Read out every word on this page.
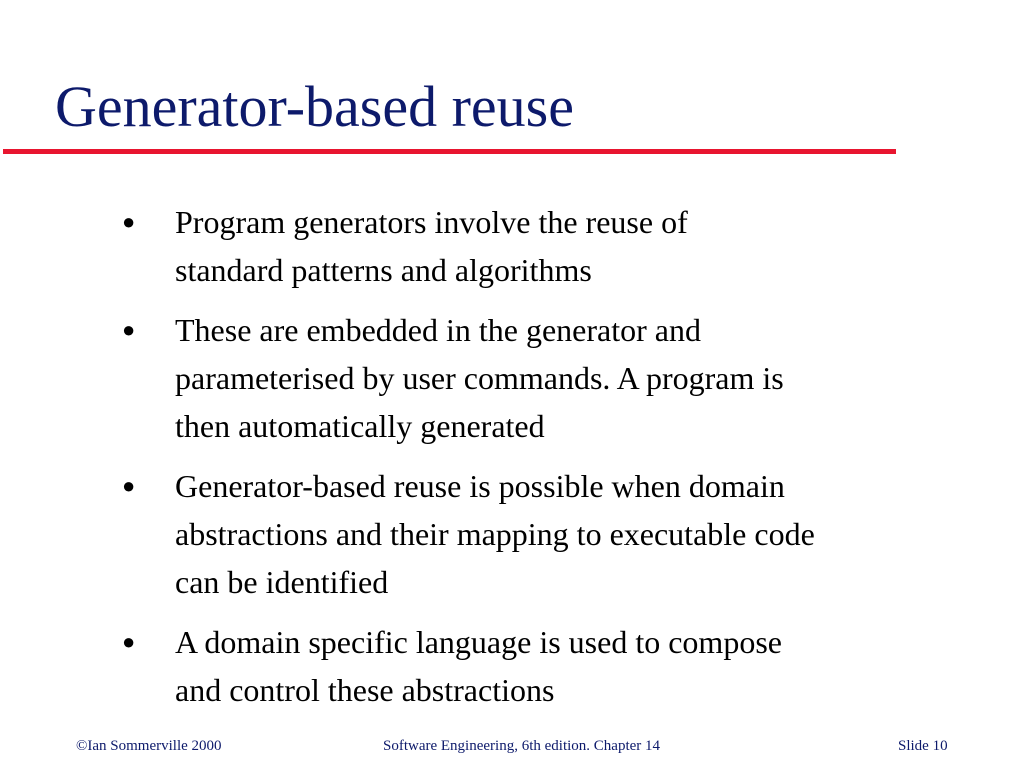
Generator-based reuse
● Program generators involve the reuse of
standard patterns and algorithms
● These are embedded in the generator and
parameterised by user commands. A program is
then automatically generated
● Generator-based reuse is possible when domain
abstractions and their mapping to executable code
can be identified
● A domain specific language is used to compose
and control these abstractions
©Ian Sommerville 2000	Software Engineering, 6th edition. Chapter 14	Slide 10
